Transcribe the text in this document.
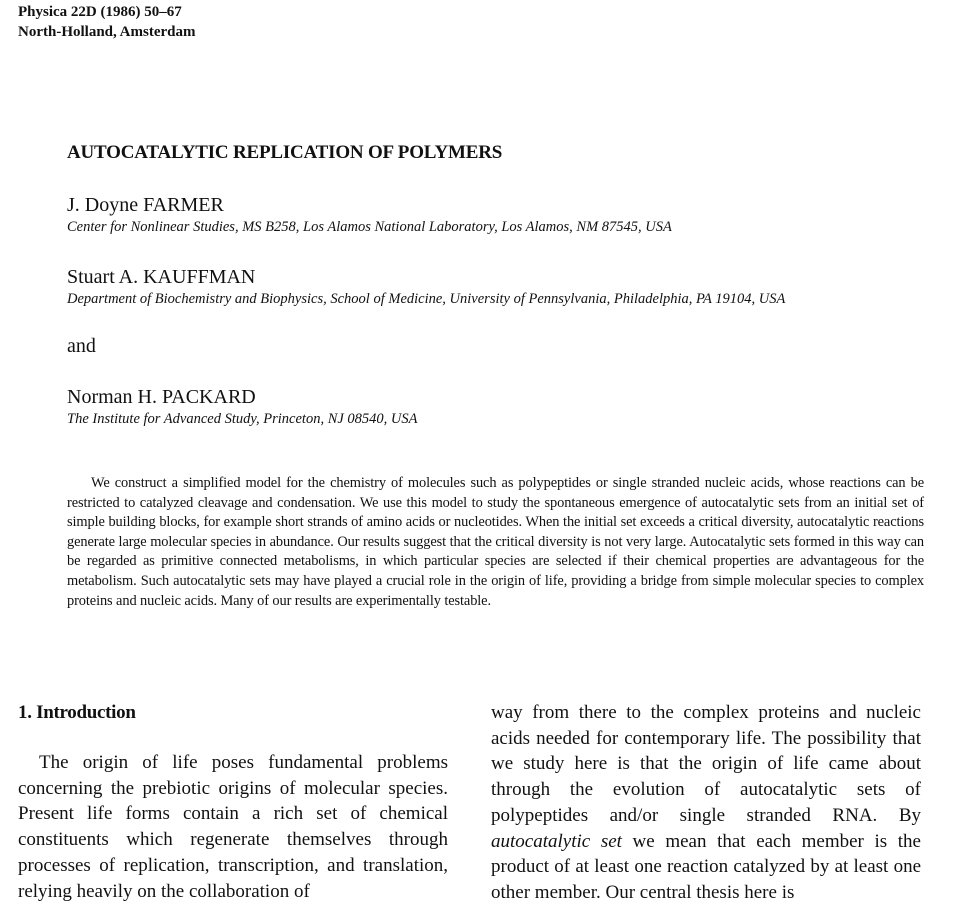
Physica 22D (1986) 50–67
North-Holland, Amsterdam
AUTOCATALYTIC REPLICATION OF POLYMERS
J. Doyne FARMER
Center for Nonlinear Studies, MS B258, Los Alamos National Laboratory, Los Alamos, NM 87545, USA
Stuart A. KAUFFMAN
Department of Biochemistry and Biophysics, School of Medicine, University of Pennsylvania, Philadelphia, PA 19104, USA
and
Norman H. PACKARD
The Institute for Advanced Study, Princeton, NJ 08540, USA

We construct a simplified model for the chemistry of molecules such as polypeptides or single stranded nucleic acids, whose reactions can be restricted to catalyzed cleavage and condensation. We use this model to study the spontaneous emergence of autocatalytic sets from an initial set of simple building blocks, for example short strands of amino acids or nucleotides. When the initial set exceeds a critical diversity, autocatalytic reactions generate large molecular species in abundance. Our results suggest that the critical diversity is not very large. Autocatalytic sets formed in this way can be regarded as primitive connected metabolisms, in which particular species are selected if their chemical properties are advantageous for the metabolism. Such autocatalytic sets may have played a crucial role in the origin of life, providing a bridge from simple molecular species to complex proteins and nucleic acids. Many of our results are experimentally testable.

1. Introduction

The origin of life poses fundamental problems concerning the prebiotic origins of molecular species. Present life forms contain a rich set of chemical constituents which regenerate themselves through processes of replication, transcription, and translation, relying heavily on the collaboration of

way from there to the complex proteins and nucleic acids needed for contemporary life. The possibility that we study here is that the origin of life came about through the evolution of autocatalytic sets of polypeptides and/or single stranded RNA. By autocatalytic set we mean that each member is the product of at least one reaction catalyzed by at least one other member. Our central thesis here is
